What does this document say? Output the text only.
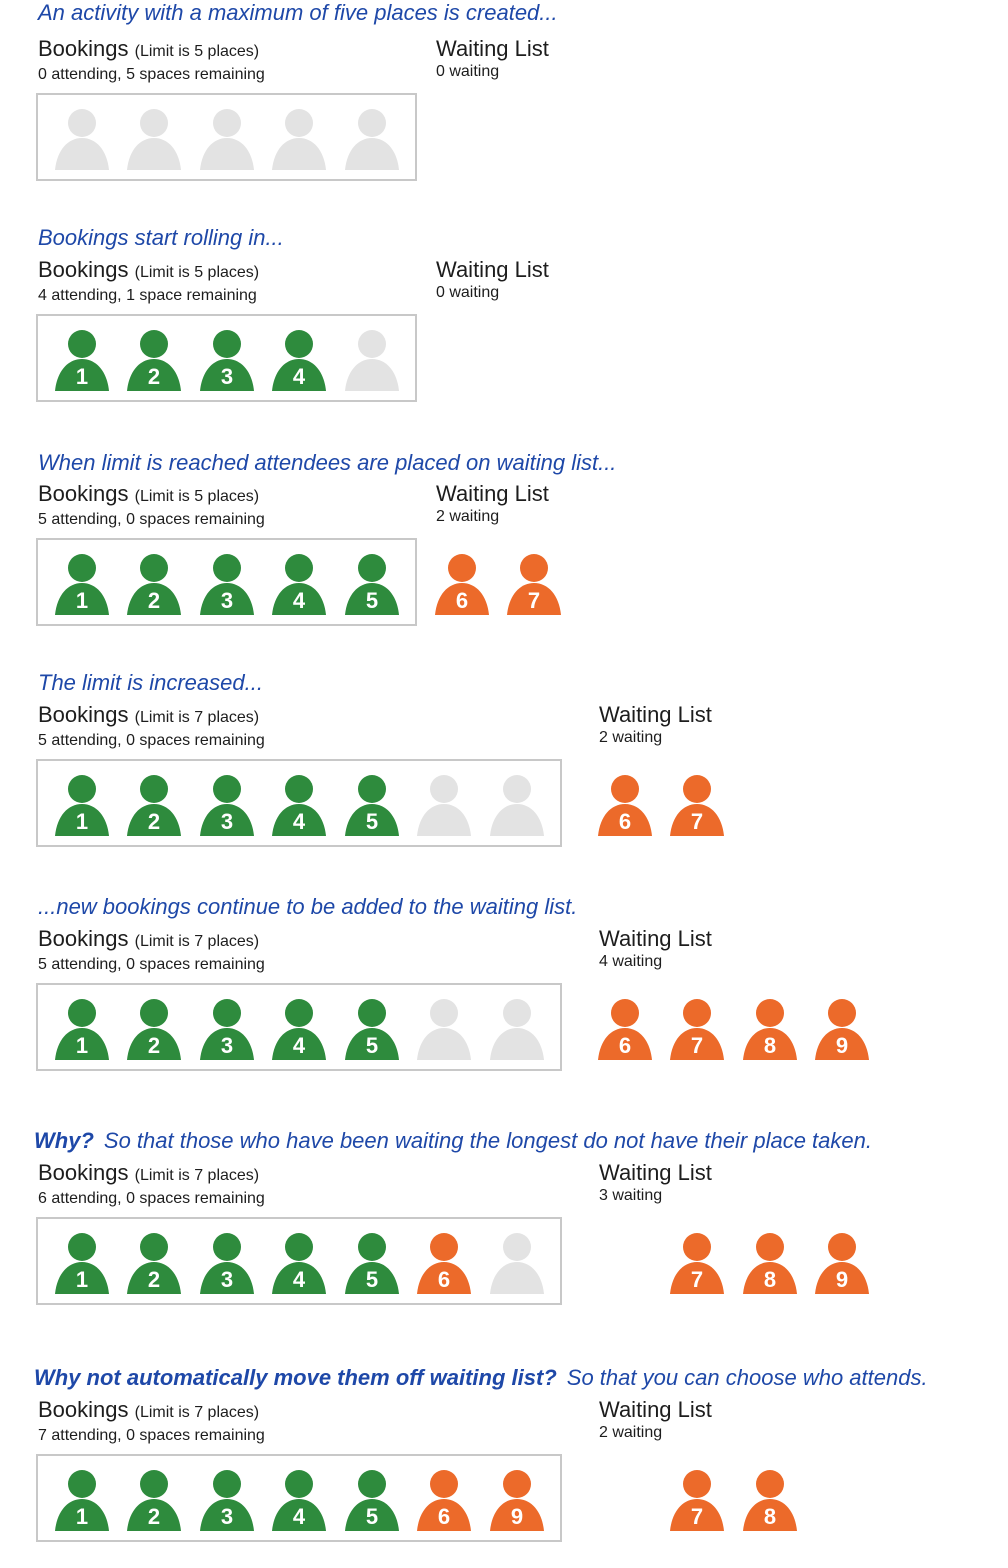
An activity with a maximum of five places is created...

Bookings (Limit is 5 places)
0 attending, 5 spaces remaining
Waiting List
0 waiting

Bookings start rolling in...

Bookings (Limit is 5 places)
4 attending, 1 space remaining
Waiting List
0 waiting
1	2	3	4

When limit is reached attendees are placed on waiting list...

Bookings (Limit is 5 places)
5 attending, 0 spaces remaining
Waiting List
2 waiting
1	2	3	4	5	6	7

The limit is increased...

Bookings (Limit is 7 places)
5 attending, 0 spaces remaining
Waiting List
2 waiting
1	2	3	4	5	6	7

...new bookings continue to be added to the waiting list.

Bookings (Limit is 7 places)
5 attending, 0 spaces remaining
Waiting List
4 waiting
1	2	3	4	5	6	7	8	9

Why? So that those who have been waiting the longest do not have their place taken.

Bookings (Limit is 7 places)
6 attending, 0 spaces remaining
Waiting List
3 waiting
1	2	3	4	5	6	7	8	9

Why not automatically move them off waiting list? So that you can choose who attends.

Bookings (Limit is 7 places)
7 attending, 0 spaces remaining
Waiting List
2 waiting
1	2	3	4	5	6	9	7	8
